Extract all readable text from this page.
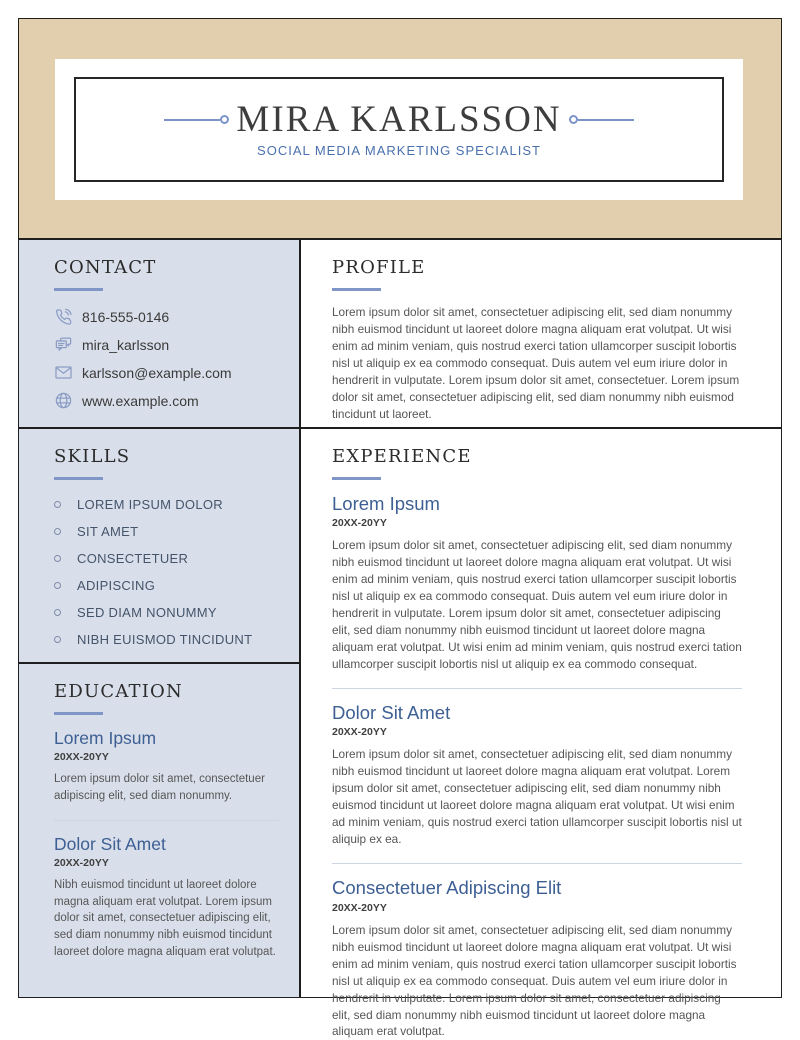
MIRA KARLSSON
SOCIAL MEDIA MARKETING SPECIALIST
CONTACT
816-555-0146
mira_karlsson
karlsson@example.com
www.example.com
PROFILE

Lorem ipsum dolor sit amet, consectetuer adipiscing elit, sed diam nonummy nibh euismod tincidunt ut laoreet dolore magna aliquam erat volutpat. Ut wisi enim ad minim veniam, quis nostrud exerci tation ullamcorper suscipit lobortis nisl ut aliquip ex ea commodo consequat. Duis autem vel eum iriure dolor in hendrerit in vulputate. Lorem ipsum dolor sit amet, consectetuer. Lorem ipsum dolor sit amet, consectetuer adipiscing elit, sed diam nonummy nibh euismod tincidunt ut laoreet.

SKILLS
LOREM IPSUM DOLOR
SIT AMET
CONSECTETUER
ADIPISCING
SED DIAM NONUMMY
NIBH EUISMOD TINCIDUNT
EXPERIENCE
Lorem Ipsum
20XX-20YY

Lorem ipsum dolor sit amet, consectetuer adipiscing elit, sed diam nonummy nibh euismod tincidunt ut laoreet dolore magna aliquam erat volutpat. Ut wisi enim ad minim veniam, quis nostrud exerci tation ullamcorper suscipit lobortis nisl ut aliquip ex ea commodo consequat. Duis autem vel eum iriure dolor in hendrerit in vulputate. Lorem ipsum dolor sit amet, consectetuer adipiscing elit, sed diam nonummy nibh euismod tincidunt ut laoreet dolore magna aliquam erat volutpat. Ut wisi enim ad minim veniam, quis nostrud exerci tation ullamcorper suscipit lobortis nisl ut aliquip ex ea commodo consequat.

Dolor Sit Amet
20XX-20YY

Lorem ipsum dolor sit amet, consectetuer adipiscing elit, sed diam nonummy nibh euismod tincidunt ut laoreet dolore magna aliquam erat volutpat. Lorem ipsum dolor sit amet, consectetuer adipiscing elit, sed diam nonummy nibh euismod tincidunt ut laoreet dolore magna aliquam erat volutpat. Ut wisi enim ad minim veniam, quis nostrud exerci tation ullamcorper suscipit lobortis nisl ut aliquip ex ea.

Consectetuer Adipiscing Elit
20XX-20YY

Lorem ipsum dolor sit amet, consectetuer adipiscing elit, sed diam nonummy nibh euismod tincidunt ut laoreet dolore magna aliquam erat volutpat. Ut wisi enim ad minim veniam, quis nostrud exerci tation ullamcorper suscipit lobortis nisl ut aliquip ex ea commodo consequat. Duis autem vel eum iriure dolor in hendrerit in vulputate. Lorem ipsum dolor sit amet, consectetuer adipiscing elit, sed diam nonummy nibh euismod tincidunt ut laoreet dolore magna aliquam erat volutpat.

EDUCATION
Lorem Ipsum
20XX-20YY

Lorem ipsum dolor sit amet, consectetuer adipiscing elit, sed diam nonummy.

Dolor Sit Amet
20XX-20YY

Nibh euismod tincidunt ut laoreet dolore magna aliquam erat volutpat. Lorem ipsum dolor sit amet, consectetuer adipiscing elit, sed diam nonummy nibh euismod tincidunt laoreet dolore magna aliquam erat volutpat.
